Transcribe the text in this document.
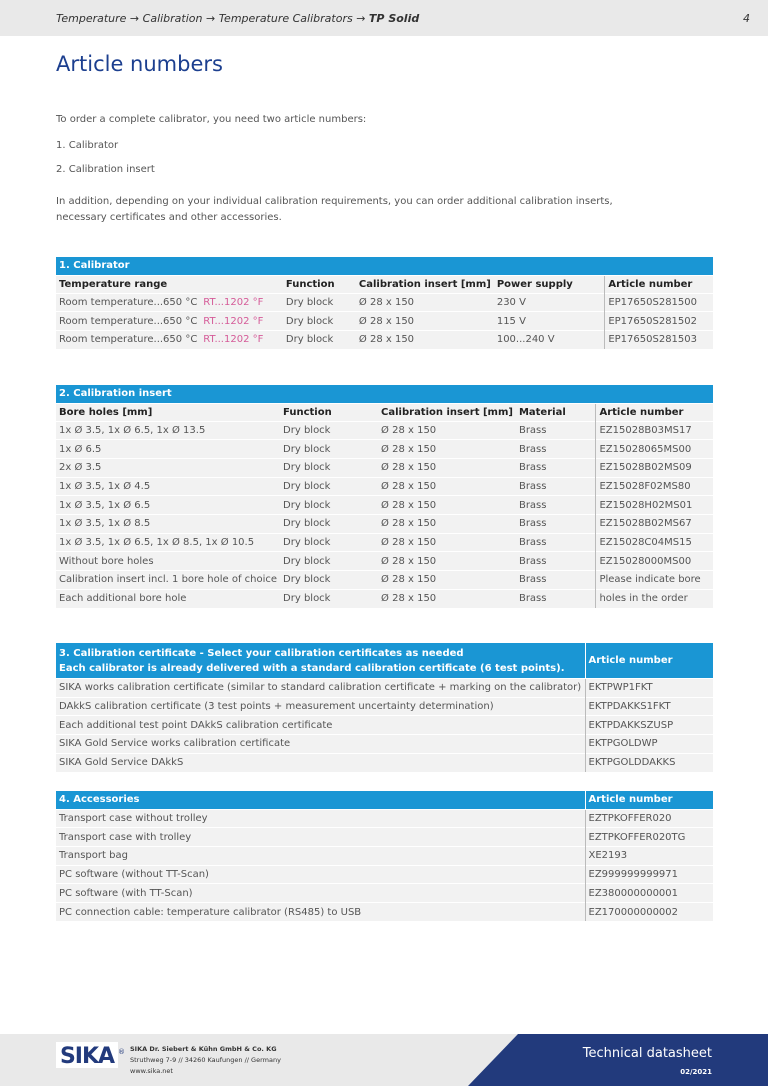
Temperature → Calibration → Temperature Calibrators → TP Solid	4
Article numbers
To order a complete calibrator, you need two article numbers:
1. Calibrator
2. Calibration insert
In addition, depending on your individual calibration requirements, you can order additional calibration inserts, necessary certificates and other accessories.
1. Calibrator					
Temperature range		Function	Calibration insert [mm]	Power supply	Article number
Room temperature...650 °C	RT...1202 °F	Dry block	Ø 28 x 150	230 V	EP17650S281500
Room temperature...650 °C	RT...1202 °F	Dry block	Ø 28 x 150	115 V	EP17650S281502
Room temperature...650 °C	RT...1202 °F	Dry block	Ø 28 x 150	100...240 V	EP17650S281503
2. Calibration insert				
Bore holes [mm]	Function	Calibration insert [mm]	Material	Article number
1x Ø 3.5, 1x Ø 6.5, 1x Ø 13.5	Dry block	Ø 28 x 150	Brass	EZ15028B03MS17
1x Ø 6.5	Dry block	Ø 28 x 150	Brass	EZ15028065MS00
2x Ø 3.5	Dry block	Ø 28 x 150	Brass	EZ15028B02MS09
1x Ø 3.5, 1x Ø 4.5	Dry block	Ø 28 x 150	Brass	EZ15028F02MS80
1x Ø 3.5, 1x Ø 6.5	Dry block	Ø 28 x 150	Brass	EZ15028H02MS01
1x Ø 3.5, 1x Ø 8.5	Dry block	Ø 28 x 150	Brass	EZ15028B02MS67
1x Ø 3.5, 1x Ø 6.5, 1x Ø 8.5, 1x Ø 10.5	Dry block	Ø 28 x 150	Brass	EZ15028C04MS15
Without bore holes	Dry block	Ø 28 x 150	Brass	EZ15028000MS00
Calibration insert incl. 1 bore hole of choice	Dry block	Ø 28 x 150	Brass	Please indicate bore
Each additional bore hole	Dry block	Ø 28 x 150	Brass	holes in the order
3. Calibration certificate - Select your calibration certificates as needed
Each calibrator is already delivered with a standard calibration certificate (6 test points).	Article number
SIKA works calibration certificate (similar to standard calibration certificate + marking on the calibrator)	EKTPWP1FKT
DAkkS calibration certificate (3 test points + measurement uncertainty determination)	EKTPDAKKS1FKT
Each additional test point DAkkS calibration certificate	EKTPDAKKSZUSP
SIKA Gold Service works calibration certificate	EKTPGOLDWP
SIKA Gold Service DAkkS	EKTPGOLDDAKKS
4. Accessories	Article number
Transport case without trolley	EZTPKOFFER020
Transport case with trolley	EZTPKOFFER020TG
Transport bag	XE2193
PC software (without TT-Scan)	EZ999999999971
PC software (with TT-Scan)	EZ380000000001
PC connection cable: temperature calibrator (RS485) to USB	EZ170000000002
SIKA ® SIKA Dr. Siebert & Kühn GmbH & Co. KG
Struthweg 7-9 // 34260 Kaufungen // Germany
www.sika.net
Technical datasheet
02/2021
